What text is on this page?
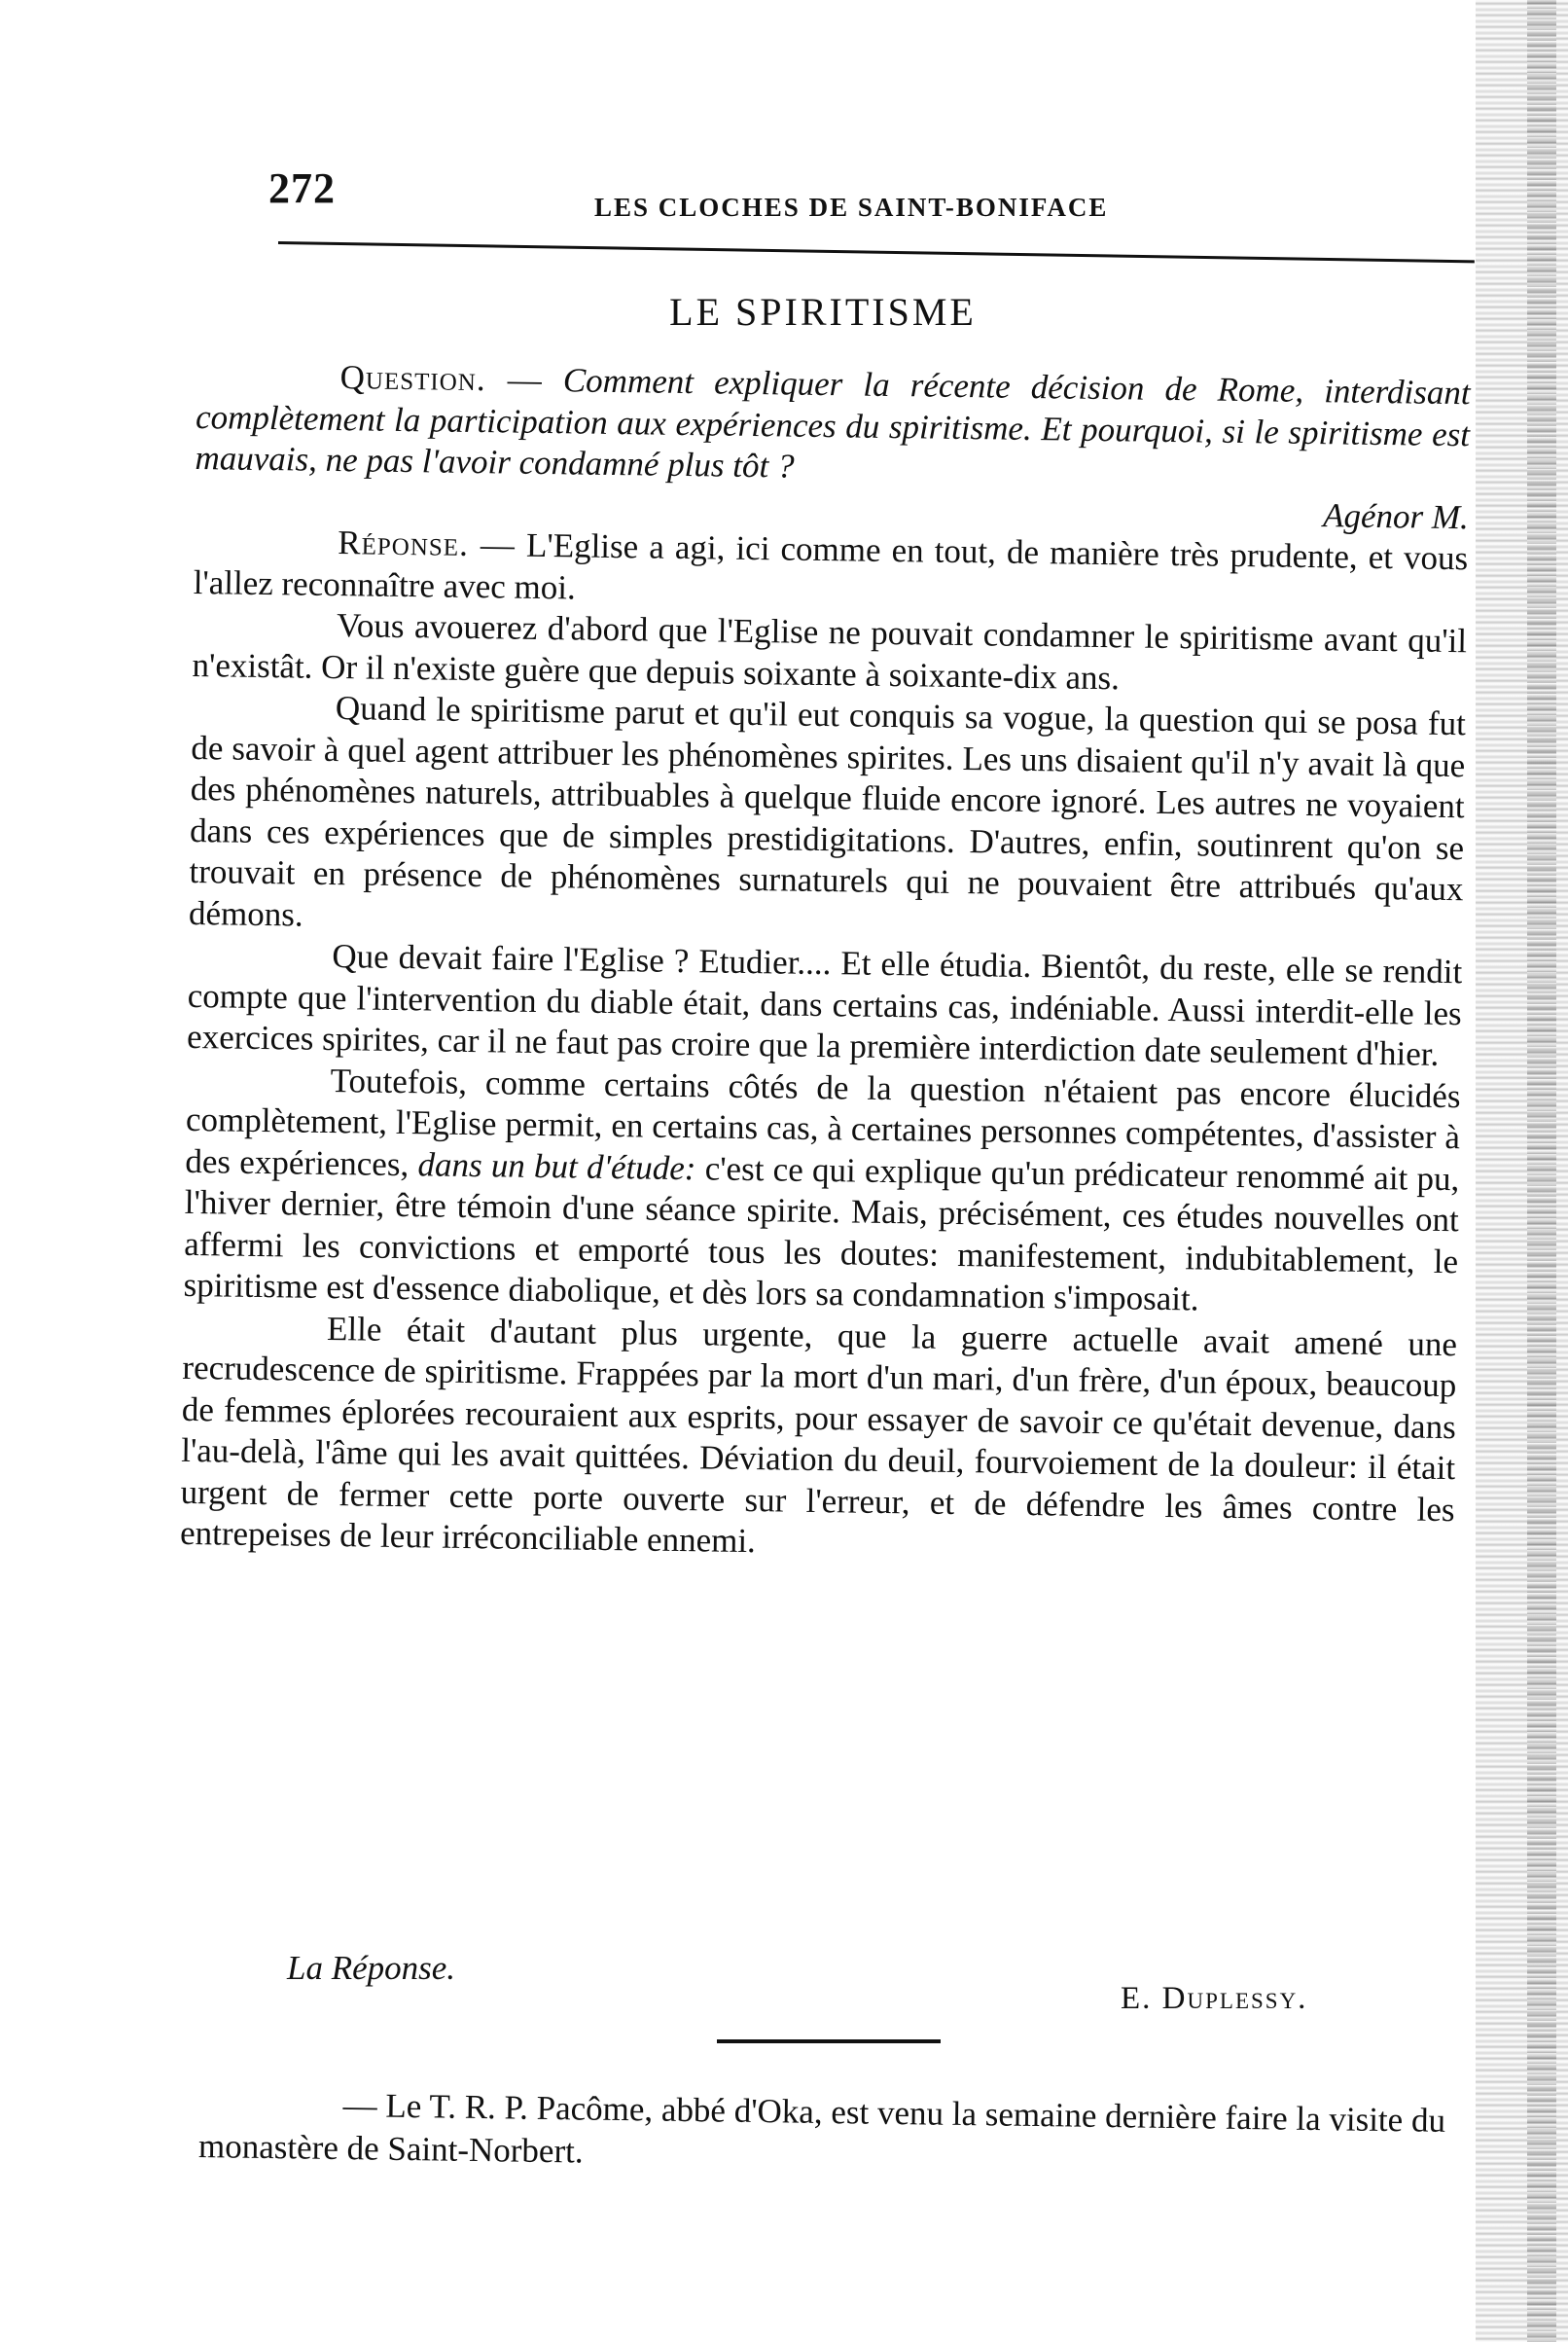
272	LES CLOCHES DE SAINT-BONIFACE
LE SPIRITISME

Question. — Comment expliquer la récente décision de Rome, interdisant complètement la participation aux expériences du spiritisme. Et pourquoi, si le spiritisme est mauvais, ne pas l'avoir condamné plus tôt ?

Agénor M.

Réponse. — L'Eglise a agi, ici comme en tout, de manière très prudente, et vous l'allez reconnaître avec moi.

Vous avouerez d'abord que l'Eglise ne pouvait condamner le spiritisme avant qu'il n'existât. Or il n'existe guère que depuis soixante à soixante-dix ans.

Quand le spiritisme parut et qu'il eut conquis sa vogue, la question qui se posa fut de savoir à quel agent attribuer les phénomènes spirites. Les uns disaient qu'il n'y avait là que des phénomènes naturels, attribuables à quelque fluide encore ignoré. Les autres ne voyaient dans ces expériences que de simples prestidigitations. D'autres, enfin, soutinrent qu'on se trouvait en présence de phénomènes surnaturels qui ne pouvaient être attribués qu'aux démons.

Que devait faire l'Eglise ? Etudier.... Et elle étudia. Bientôt, du reste, elle se rendit compte que l'intervention du diable était, dans certains cas, indéniable. Aussi interdit-elle les exercices spirites, car il ne faut pas croire que la première interdiction date seulement d'hier.

Toutefois, comme certains côtés de la question n'étaient pas encore élucidés complètement, l'Eglise permit, en certains cas, à certaines personnes compétentes, d'assister à des expériences, dans un but d'étude: c'est ce qui explique qu'un prédicateur renommé ait pu, l'hiver dernier, être témoin d'une séance spirite. Mais, précisément, ces études nouvelles ont affermi les convictions et emporté tous les doutes: manifestement, indubitablement, le spiritisme est d'essence diabolique, et dès lors sa condamnation s'imposait.

Elle était d'autant plus urgente, que la guerre actuelle avait amené une recrudescence de spiritisme. Frappées par la mort d'un mari, d'un frère, d'un époux, beaucoup de femmes éplorées recouraient aux esprits, pour essayer de savoir ce qu'était devenue, dans l'au-delà, l'âme qui les avait quittées. Déviation du deuil, fourvoiement de la douleur: il était urgent de fermer cette porte ouverte sur l'erreur, et de défendre les âmes contre les entrepeises de leur irréconciliable ennemi.

La Réponse.
E. Duplessy.

— Le T. R. P. Pacôme, abbé d'Oka, est venu la semaine dernière faire la visite du monastère de Saint-Norbert.
